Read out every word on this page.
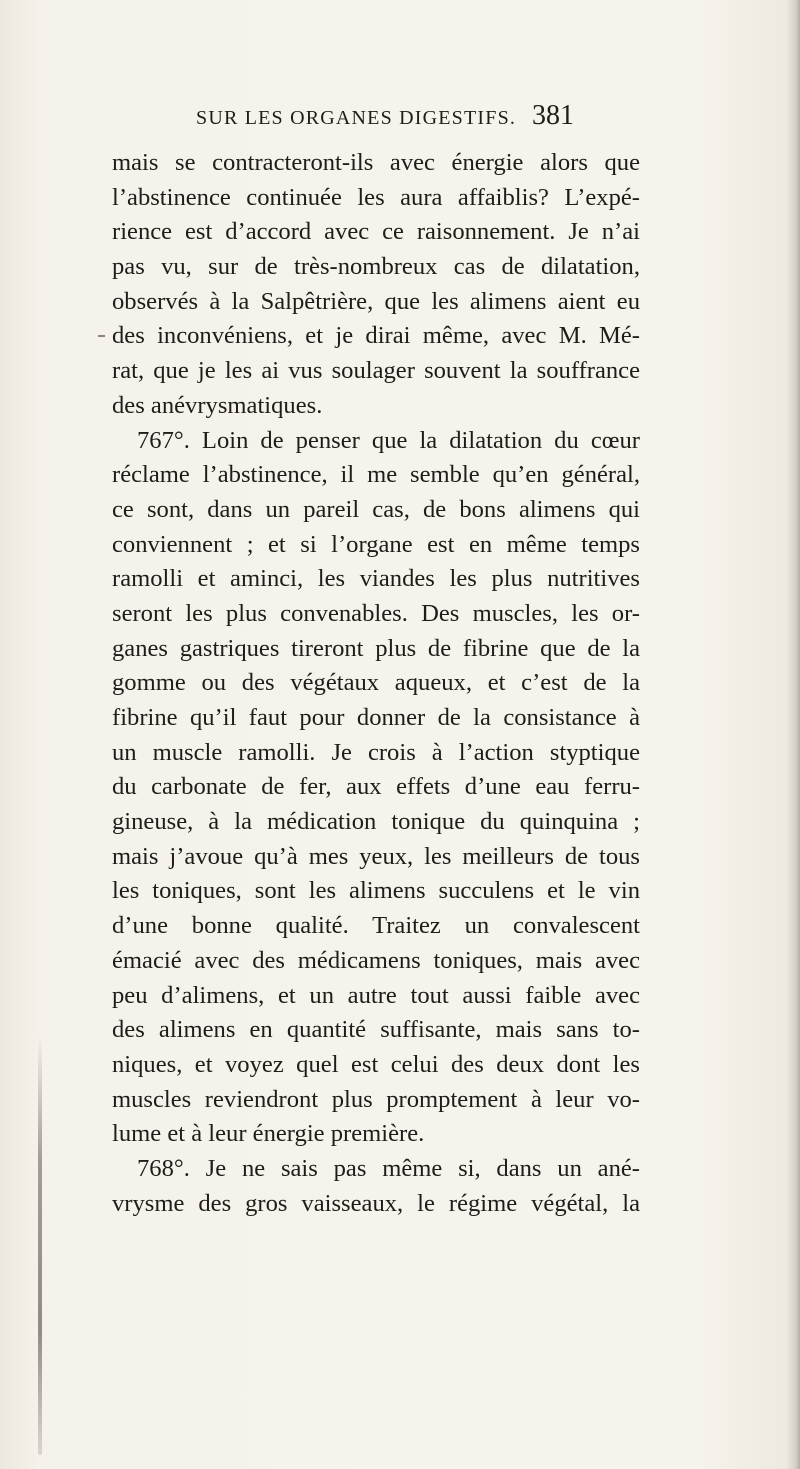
SUR LES ORGANES DIGESTIFS. 381
mais se contracteront-ils avec énergie alors que
l’abstinence continuée les aura affaiblis? L’expé-
rience est d’accord avec ce raisonnement. Je n’ai
pas vu, sur de très-nombreux cas de dilatation,
observés à la Salpêtrière, que les alimens aient eu
des inconvéniens, et je dirai même, avec M. Mé-
rat, que je les ai vus soulager souvent la souffrance
des anévrysmatiques.
767°. Loin de penser que la dilatation du cœur
réclame l’abstinence, il me semble qu’en général,
ce sont, dans un pareil cas, de bons alimens qui
conviennent ; et si l’organe est en même temps
ramolli et aminci, les viandes les plus nutritives
seront les plus convenables. Des muscles, les or-
ganes gastriques tireront plus de fibrine que de la
gomme ou des végétaux aqueux, et c’est de la
fibrine qu’il faut pour donner de la consistance à
un muscle ramolli. Je crois à l’action styptique
du carbonate de fer, aux effets d’une eau ferru-
gineuse, à la médication tonique du quinquina ;
mais j’avoue qu’à mes yeux, les meilleurs de tous
les toniques, sont les alimens succulens et le vin
d’une bonne qualité. Traitez un convalescent
émacié avec des médicamens toniques, mais avec
peu d’alimens, et un autre tout aussi faible avec
des alimens en quantité suffisante, mais sans to-
niques, et voyez quel est celui des deux dont les
muscles reviendront plus promptement à leur vo-
lume et à leur énergie première.
768°. Je ne sais pas même si, dans un ané-
vrysme des gros vaisseaux, le régime végétal, la
